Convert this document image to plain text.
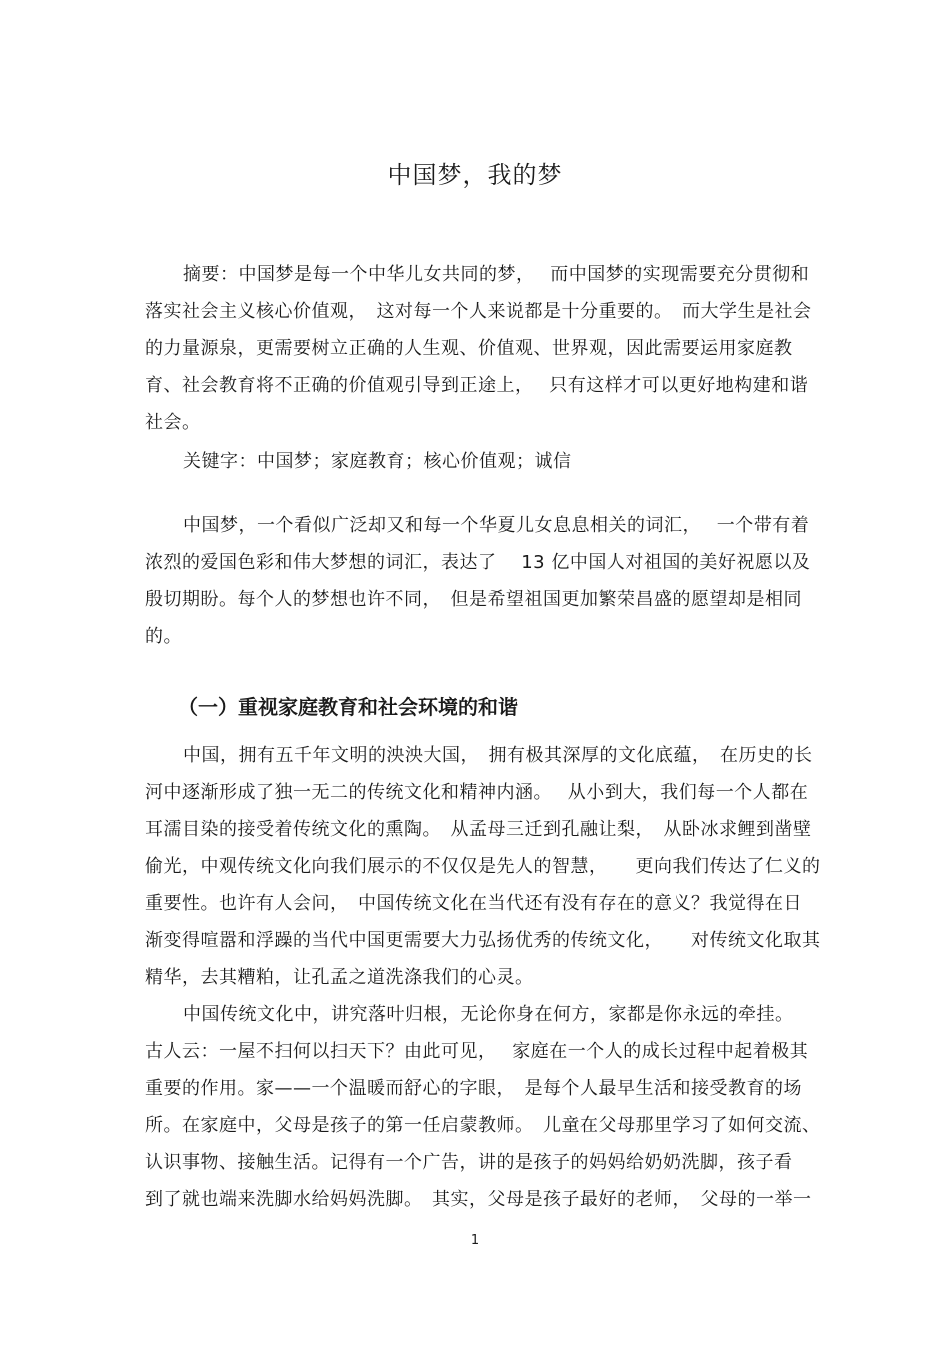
中国梦，我的梦

摘要：中国梦是每一个中华儿女共同的梦，　 而中国梦的实现需要充分贯彻和

落实社会主义核心价值观，　这对每一个人来说都是十分重要的。　而大学生是社会

的力量源泉，更需要树立正确的人生观、价值观、世界观，因此需要运用家庭教

育、社会教育将不正确的价值观引导到正途上，　 只有这样才可以更好地构建和谐

社会。

关键字：中国梦；家庭教育；核心价值观；诚信

中国梦，一个看似广泛却又和每一个华夏儿女息息相关的词汇，　 一个带有着

浓烈的爱国色彩和伟大梦想的词汇，表达了　 13 亿中国人对祖国的美好祝愿以及

殷切期盼。每个人的梦想也许不同，　但是希望祖国更加繁荣昌盛的愿望却是相同

的。

（一）重视家庭教育和社会环境的和谐

中国，拥有五千年文明的泱泱大国，　拥有极其深厚的文化底蕴，　在历史的长

河中逐渐形成了独一无二的传统文化和精神内涵。　 从小到大，我们每一个人都在

耳濡目染的接受着传统文化的熏陶。　从孟母三迁到孔融让梨，　从卧冰求鲤到凿壁

偷光，中观传统文化向我们展示的不仅仅是先人的智慧，　　更向我们传达了仁义的

重要性。也许有人会问，　中国传统文化在当代还有没有存在的意义？我觉得在日

渐变得喧嚣和浮躁的当代中国更需要大力弘扬优秀的传统文化，　　对传统文化取其

精华，去其糟粕，让孔孟之道洗涤我们的心灵。

中国传统文化中，讲究落叶归根，无论你身在何方，家都是你永远的牵挂。

古人云：一屋不扫何以扫天下？由此可见，　 家庭在一个人的成长过程中起着极其

重要的作用。家——一个温暖而舒心的字眼，　是每个人最早生活和接受教育的场

所。在家庭中，父母是孩子的第一任启蒙教师。　儿童在父母那里学习了如何交流、

认识事物、接触生活。记得有一个广告，讲的是孩子的妈妈给奶奶洗脚，孩子看

到了就也端来洗脚水给妈妈洗脚。　其实，父母是孩子最好的老师，　父母的一举一

1
